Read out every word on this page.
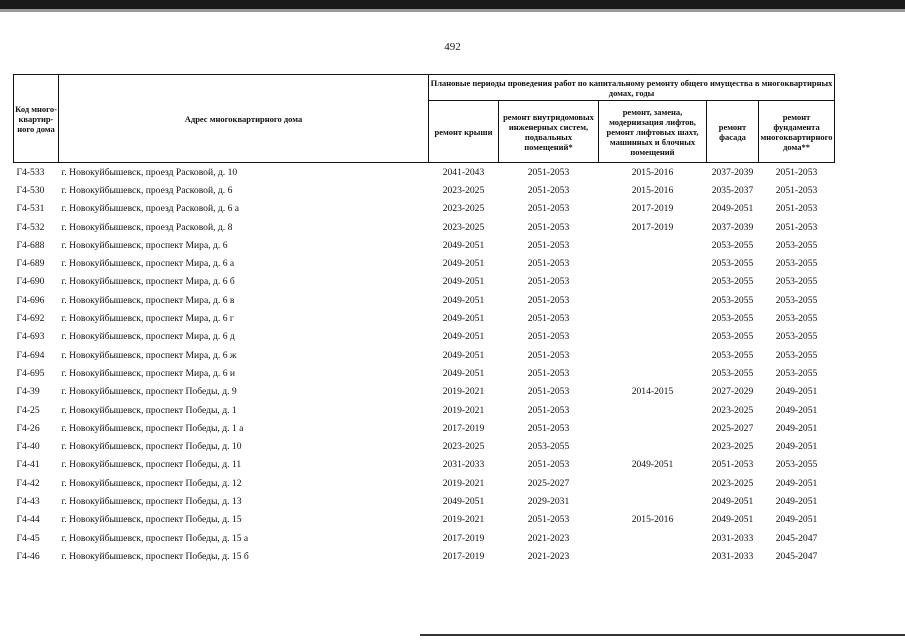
492
Код много-квартир-ного дома	Адрес многоквартирного дома	Плановые периоды проведения работ по капитальному ремонту общего имущества в многоквартирных домах, годы					
		ремонт крыши	ремонт внутридомовых инженерных систем, подвальных помещений*	ремонт, замена, модернизация лифтов, ремонт лифтовых шахт, машинных и блочных помещений	ремонт фасада	ремонт фундамента многоквартирного дома**	
Г4-533	г. Новокуйбышевск, проезд Расковой, д. 10	2041-2043	2051-2053	2015-2016	2037-2039	2051-2053	
Г4-530	г. Новокуйбышевск, проезд Расковой, д. 6	2023-2025	2051-2053	2015-2016	2035-2037	2051-2053	
Г4-531	г. Новокуйбышевск, проезд Расковой, д. 6 а	2023-2025	2051-2053	2017-2019	2049-2051	2051-2053	
Г4-532	г. Новокуйбышевск, проезд Расковой, д. 8	2023-2025	2051-2053	2017-2019	2037-2039	2051-2053	
Г4-688	г. Новокуйбышевск, проспект Мира, д. 6	2049-2051	2051-2053		2053-2055	2053-2055	
Г4-689	г. Новокуйбышевск, проспект Мира, д. 6 а	2049-2051	2051-2053		2053-2055	2053-2055	
Г4-690	г. Новокуйбышевск, проспект Мира, д. 6 б	2049-2051	2051-2053		2053-2055	2053-2055	
Г4-696	г. Новокуйбышевск, проспект Мира, д. 6 в	2049-2051	2051-2053		2053-2055	2053-2055	
Г4-692	г. Новокуйбышевск, проспект Мира, д. 6 г	2049-2051	2051-2053		2053-2055	2053-2055	
Г4-693	г. Новокуйбышевск, проспект Мира, д. 6 д	2049-2051	2051-2053		2053-2055	2053-2055	
Г4-694	г. Новокуйбышевск, проспект Мира, д. 6 ж	2049-2051	2051-2053		2053-2055	2053-2055	
Г4-695	г. Новокуйбышевск, проспект Мира, д. 6 и	2049-2051	2051-2053		2053-2055	2053-2055	
Г4-39	г. Новокуйбышевск, проспект Победы, д. 9	2019-2021	2051-2053	2014-2015	2027-2029	2049-2051	
Г4-25	г. Новокуйбышевск, проспект Победы, д. 1	2019-2021	2051-2053		2023-2025	2049-2051	
Г4-26	г. Новокуйбышевск, проспект Победы, д. 1 а	2017-2019	2051-2053		2025-2027	2049-2051	
Г4-40	г. Новокуйбышевск, проспект Победы, д. 10	2023-2025	2053-2055		2023-2025	2049-2051	
Г4-41	г. Новокуйбышевск, проспект Победы, д. 11	2031-2033	2051-2053	2049-2051	2051-2053	2053-2055	
Г4-42	г. Новокуйбышевск, проспект Победы, д. 12	2019-2021	2025-2027		2023-2025	2049-2051	
Г4-43	г. Новокуйбышевск, проспект Победы, д. 13	2049-2051	2029-2031		2049-2051	2049-2051	
Г4-44	г. Новокуйбышевск, проспект Победы, д. 15	2019-2021	2051-2053	2015-2016	2049-2051	2049-2051	
Г4-45	г. Новокуйбышевск, проспект Победы, д. 15 а	2017-2019	2021-2023		2031-2033	2045-2047	
Г4-46	г. Новокуйбышевск, проспект Победы, д. 15 б	2017-2019	2021-2023		2031-2033	2045-2047	
